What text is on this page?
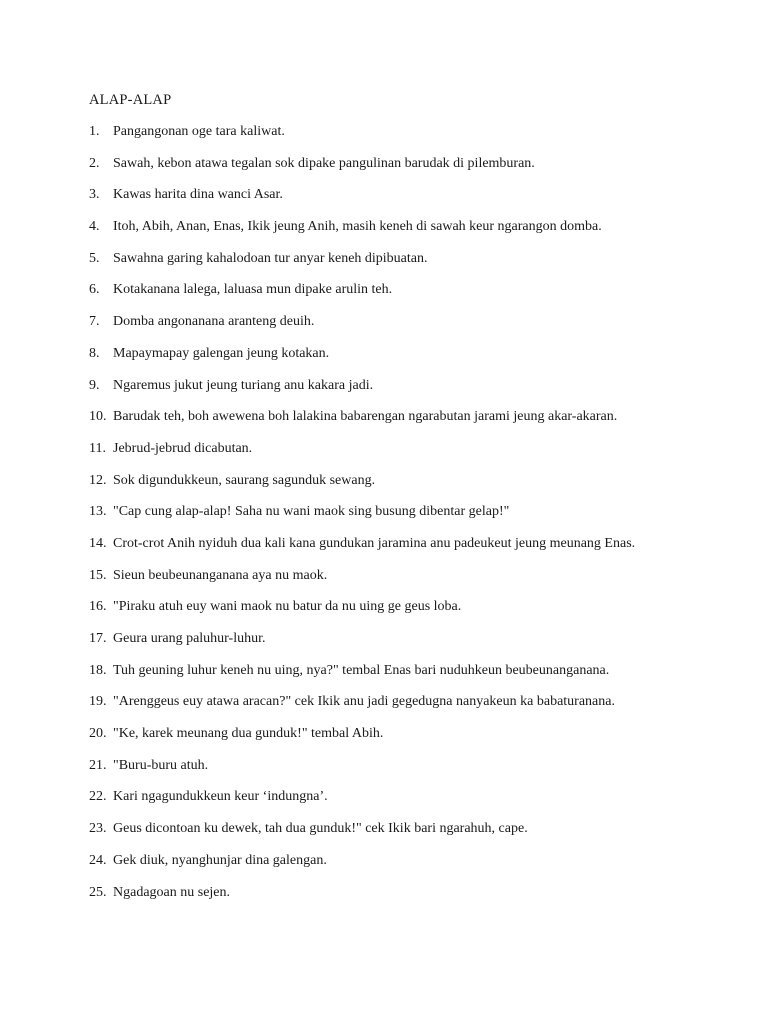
ALAP-ALAP
1. Pangangonan oge tara kaliwat.
2. Sawah, kebon atawa tegalan sok dipake pangulinan barudak di pilemburan.
3. Kawas harita dina wanci Asar.
4. Itoh, Abih, Anan, Enas, Ikik jeung Anih, masih keneh di sawah keur ngarangon domba.
5. Sawahna garing kahalodoan tur anyar keneh dipibuatan.
6. Kotakanana lalega, laluasa mun dipake arulin teh.
7. Domba angonanana aranteng deuih.
8. Mapaymapay galengan jeung kotakan.
9. Ngaremus jukut jeung turiang anu kakara jadi.
10. Barudak teh, boh awewena boh lalakina babarengan ngarabutan jarami jeung akar-akaran.
11. Jebrud-jebrud dicabutan.
12. Sok digundukkeun, saurang sagunduk sewang.
13. "Cap cung alap-alap! Saha nu wani maok sing busung dibentar gelap!"
14. Crot-crot Anih nyiduh dua kali kana gundukan jaramina anu padeukeut jeung meunang Enas.
15. Sieun beubeunanganana aya nu maok.
16. "Piraku atuh euy wani maok nu batur da nu uing ge geus loba.
17. Geura urang paluhur-luhur.
18. Tuh geuning luhur keneh nu uing, nya?" tembal Enas bari nuduhkeun beubeunanganana.
19. "Arenggeus euy atawa aracan?" cek Ikik anu jadi gegedugna nanyakeun ka babaturanana.
20. "Ke, karek meunang dua gunduk!" tembal Abih.
21. "Buru-buru atuh.
22. Kari ngagundukkeun keur ‘indungna’.
23. Geus dicontoan ku dewek, tah dua gunduk!" cek Ikik bari ngarahuh, cape.
24. Gek diuk, nyanghunjar dina galengan.
25. Ngadagoan nu sejen.
